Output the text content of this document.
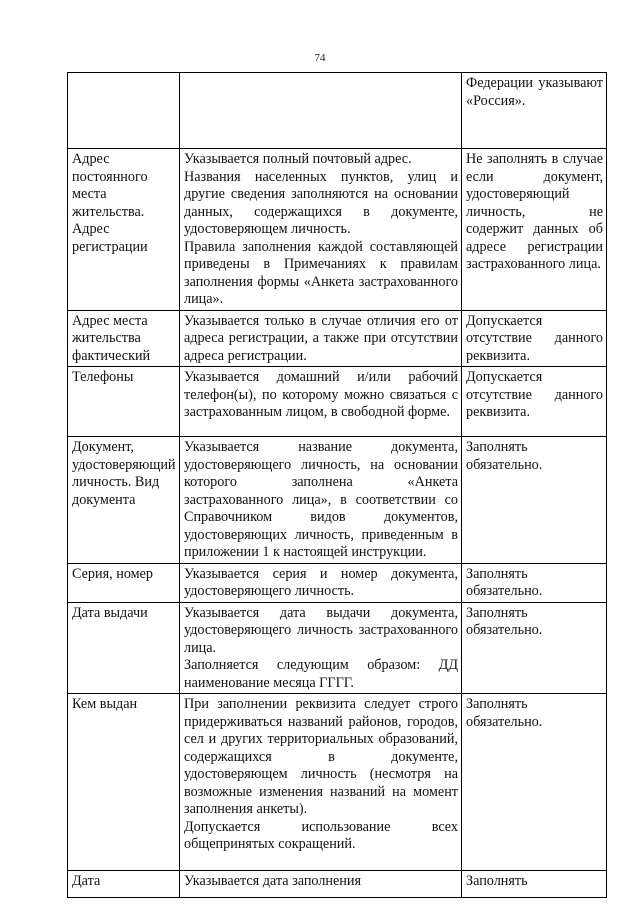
74

		Федерации указывают «Россия».

Адрес постоянного места жительства. Адрес регистрации	Указывается полный почтовый адрес.
Названия населенных пунктов, улиц и другие сведения заполняются на основании данных, содержащихся в документе, удостоверяющем личность.
Правила заполнения каждой составляющей приведены в Примечаниях к правилам заполнения формы «Анкета застрахованного лица».	Не заполнять в случае если документ, удостоверяющий личность, не содержит данных об адресе регистрации застрахованного лица.

Адрес места жительства фактический	Указывается только в случае отличия его от адреса регистрации, а также при отсутствии адреса регистрации.	Допускается отсутствие данного реквизита.

Телефоны	Указывается домашний и/или рабочий телефон(ы), по которому можно связаться с застрахованным лицом, в свободной форме.	Допускается отсутствие данного реквизита.

Документ, удостоверяющий личность. Вид документа	Указывается название документа, удостоверяющего личность, на основании которого заполнена «Анкета застрахованного лица», в соответствии со Справочником видов документов, удостоверяющих личность, приведенным в приложении 1 к настоящей инструкции.	Заполнять обязательно.

Серия, номер	Указывается серия и номер документа, удостоверяющего личность.	Заполнять обязательно.

Дата выдачи	Указывается дата выдачи документа, удостоверяющего личность застрахованного лица.
Заполняется следующим образом: ДД наименование месяца ГГГГ.	Заполнять обязательно.

Кем выдан	При заполнении реквизита следует строго придерживаться названий районов, городов, сел и других территориальных образований, содержащихся в документе, удостоверяющем личность (несмотря на возможные изменения названий на момент заполнения анкеты).
Допускается использование всех общепринятых сокращений.	Заполнять обязательно.

Дата	Указывается дата заполнения	Заполнять
